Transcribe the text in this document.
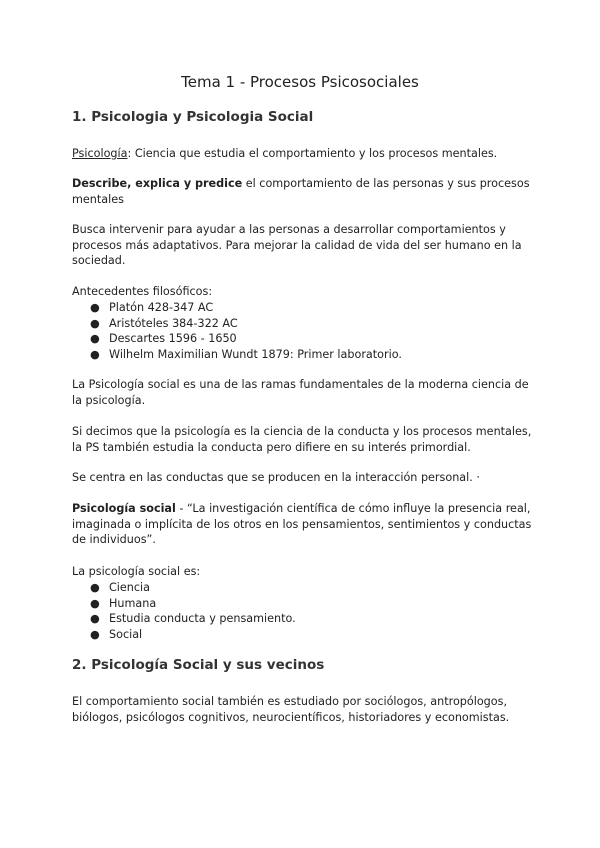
Tema 1 - Procesos Psicosociales
1. Psicologia y Psicologia Social
Psicología: Ciencia que estudia el comportamiento y los procesos mentales.
Describe, explica y predice el comportamiento de las personas y sus procesos
mentales
Busca intervenir para ayudar a las personas a desarrollar comportamientos y
procesos más adaptativos. Para mejorar la calidad de vida del ser humano en la
sociedad.
Antecedentes filosóficos:
● Platón 428-347 AC
● Aristóteles 384-322 AC
● Descartes 1596 - 1650
● Wilhelm Maximilian Wundt 1879: Primer laboratorio.
La Psicología social es una de las ramas fundamentales de la moderna ciencia de
la psicología.
Si decimos que la psicología es la ciencia de la conducta y los procesos mentales,
la PS también estudia la conducta pero difiere en su interés primordial.
Se centra en las conductas que se producen en la interacción personal. ·
Psicología social - “La investigación científica de cómo influye la presencia real,
imaginada o implícita de los otros en los pensamientos, sentimientos y conductas
de individuos”.
La psicología social es:
● Ciencia
● Humana
● Estudia conducta y pensamiento.
● Social
2. Psicología Social y sus vecinos
El comportamiento social también es estudiado por sociólogos, antropólogos,
biólogos, psicólogos cognitivos, neurocientíficos, historiadores y economistas.
